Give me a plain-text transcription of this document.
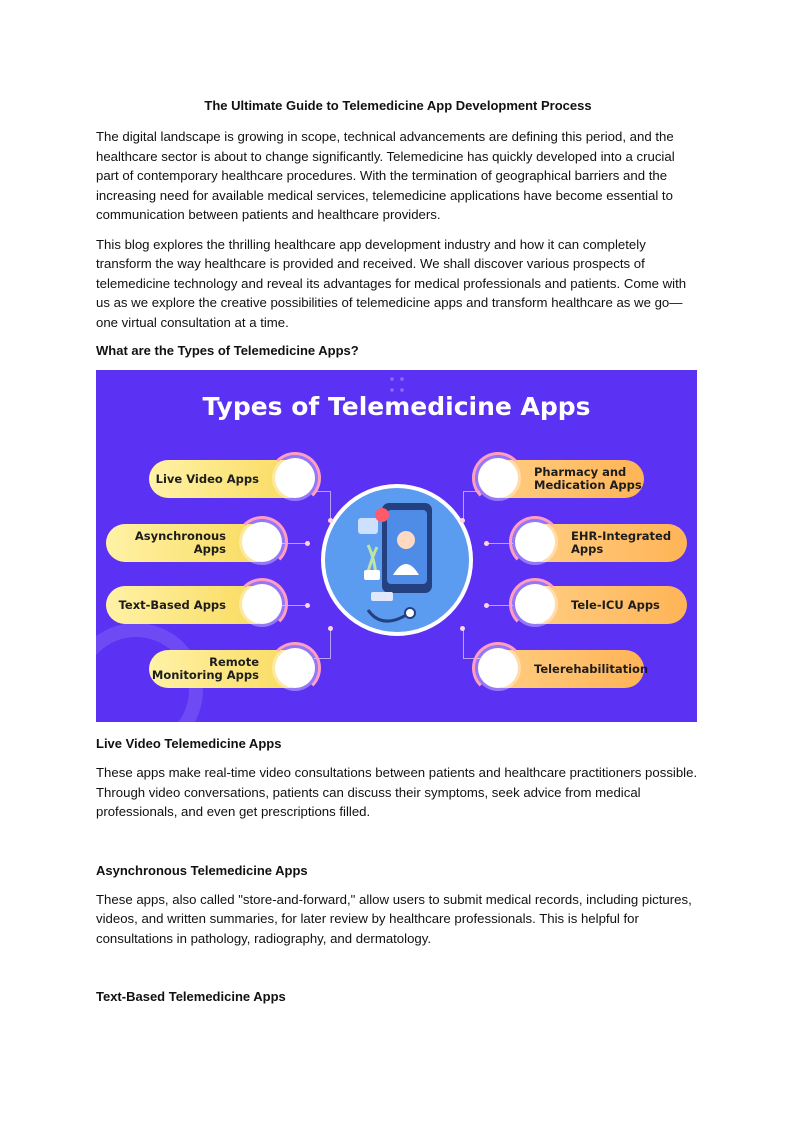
The Ultimate Guide to Telemedicine App Development Process

The digital landscape is growing in scope, technical advancements are defining this period, and the healthcare sector is about to change significantly. Telemedicine has quickly developed into a crucial part of contemporary healthcare procedures. With the termination of geographical barriers and the increasing need for available medical services, telemedicine applications have become essential to communication between patients and healthcare providers.

This blog explores the thrilling healthcare app development industry and how it can completely transform the way healthcare is provided and received. We shall discover various prospects of telemedicine technology and reveal its advantages for medical professionals and patients. Come with us as we explore the creative possibilities of telemedicine apps and transform healthcare as we go—one virtual consultation at a time.

What are the Types of Telemedicine Apps?
Types of Telemedicine Apps
Live Video Apps
Asynchronous Apps
Text-Based Apps
Remote
Monitoring Apps
Pharmacy and
Medication Apps
EHR-Integrated Apps
Tele-ICU Apps
Telerehabilitation
Live Video Telemedicine Apps

These apps make real-time video consultations between patients and healthcare practitioners possible. Through video conversations, patients can discuss their symptoms, seek advice from medical professionals, and even get prescriptions filled.

Asynchronous Telemedicine Apps

These apps, also called "store-and-forward," allow users to submit medical records, including pictures, videos, and written summaries, for later review by healthcare professionals. This is helpful for consultations in pathology, radiography, and dermatology.

Text-Based Telemedicine Apps
